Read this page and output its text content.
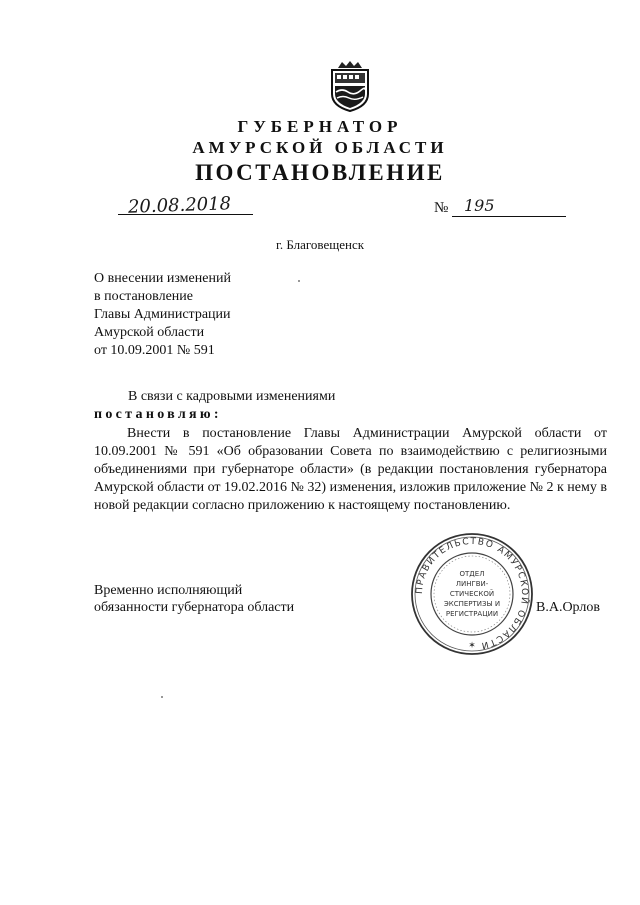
ГУБЕРНАТОР
АМУРСКОЙ ОБЛАСТИ
ПОСТАНОВЛЕНИЕ
20.08.2018	№ 195
г. Благовещенск
О внесении изменений
в постановление
Главы Администрации
Амурской области
от 10.09.2001 № 591
В связи с кадровыми изменениями
постановляю:
Внести в постановление Главы Администрации Амурской области от 10.09.2001 № 591 «Об образовании Совета по взаимодействию с религиозными объединениями при губернаторе области» (в редакции постановления губернатора Амурской области от 19.02.2016 № 32) изменения, изложив приложение № 2 к нему в новой редакции согласно приложению к настоящему постановлению.
Временно исполняющий
обязанности губернатора области	В.А.Орлов
ПРАВИТЕЛЬСТВО АМУРСКОЙ ОБЛАСТИ
ОТДЕЛ
ЛИНГВИ-
СТИЧЕСКОЙ
ЭКСПЕРТИЗЫ И
РЕГИСТРАЦИИ
✶
